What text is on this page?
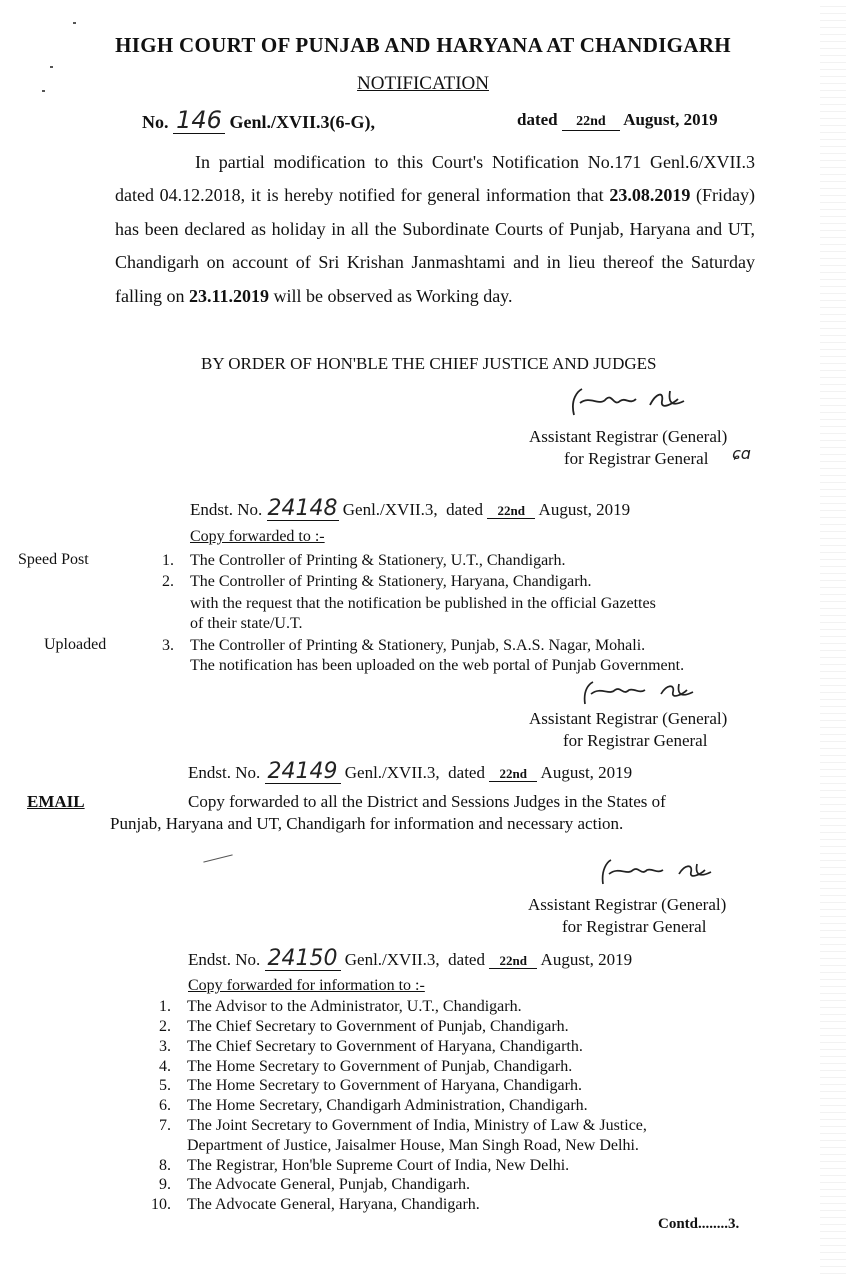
HIGH COURT OF PUNJAB AND HARYANA AT CHANDIGARH
NOTIFICATION
No. 146 Genl./XVII.3(6-G),	dated 22nd August, 2019

In partial modification to this Court's Notification No.171 Genl.6/XVII.3 dated 04.12.2018, it is hereby notified for general information that 23.08.2019 (Friday) has been declared as holiday in all the Subordinate Courts of Punjab, Haryana and UT, Chandigarh on account of Sri Krishan Janmashtami and in lieu thereof the Saturday falling on 23.11.2019 will be observed as Working day.

BY ORDER OF HON'BLE THE CHIEF JUSTICE AND JUDGES
Assistant Registrar (General)
for Registrar General ɕɑ
Endst. No. 24148 Genl./XVII.3, dated 22nd August, 2019
Copy forwarded to :-
Speed Post
Uploaded
1. The Controller of Printing & Stationery, U.T., Chandigarh.
2. The Controller of Printing & Stationery, Haryana, Chandigarh.
with the request that the notification be published in the official Gazettes
of their state/U.T.
3. The Controller of Printing & Stationery, Punjab, S.A.S. Nagar, Mohali.
The notification has been uploaded on the web portal of Punjab Government.
Assistant Registrar (General)
for Registrar General
Endst. No. 24149 Genl./XVII.3, dated 22nd August, 2019
EMAIL	Copy forwarded to all the District and Sessions Judges in the States of
Punjab, Haryana and UT, Chandigarh for information and necessary action.
Assistant Registrar (General)
for Registrar General
Endst. No. 24150 Genl./XVII.3, dated 22nd August, 2019
Copy forwarded for information to :-
1. The Advisor to the Administrator, U.T., Chandigarh.
2. The Chief Secretary to Government of Punjab, Chandigarh.
3. The Chief Secretary to Government of Haryana, Chandigarth.
4. The Home Secretary to Government of Punjab, Chandigarh.
5. The Home Secretary to Government of Haryana, Chandigarh.
6. The Home Secretary, Chandigarh Administration, Chandigarh.
7. The Joint Secretary to Government of India, Ministry of Law & Justice,
Department of Justice, Jaisalmer House, Man Singh Road, New Delhi.
8. The Registrar, Hon'ble Supreme Court of India, New Delhi.
9. The Advocate General, Punjab, Chandigarh.
10. The Advocate General, Haryana, Chandigarh.
Contd........3.
